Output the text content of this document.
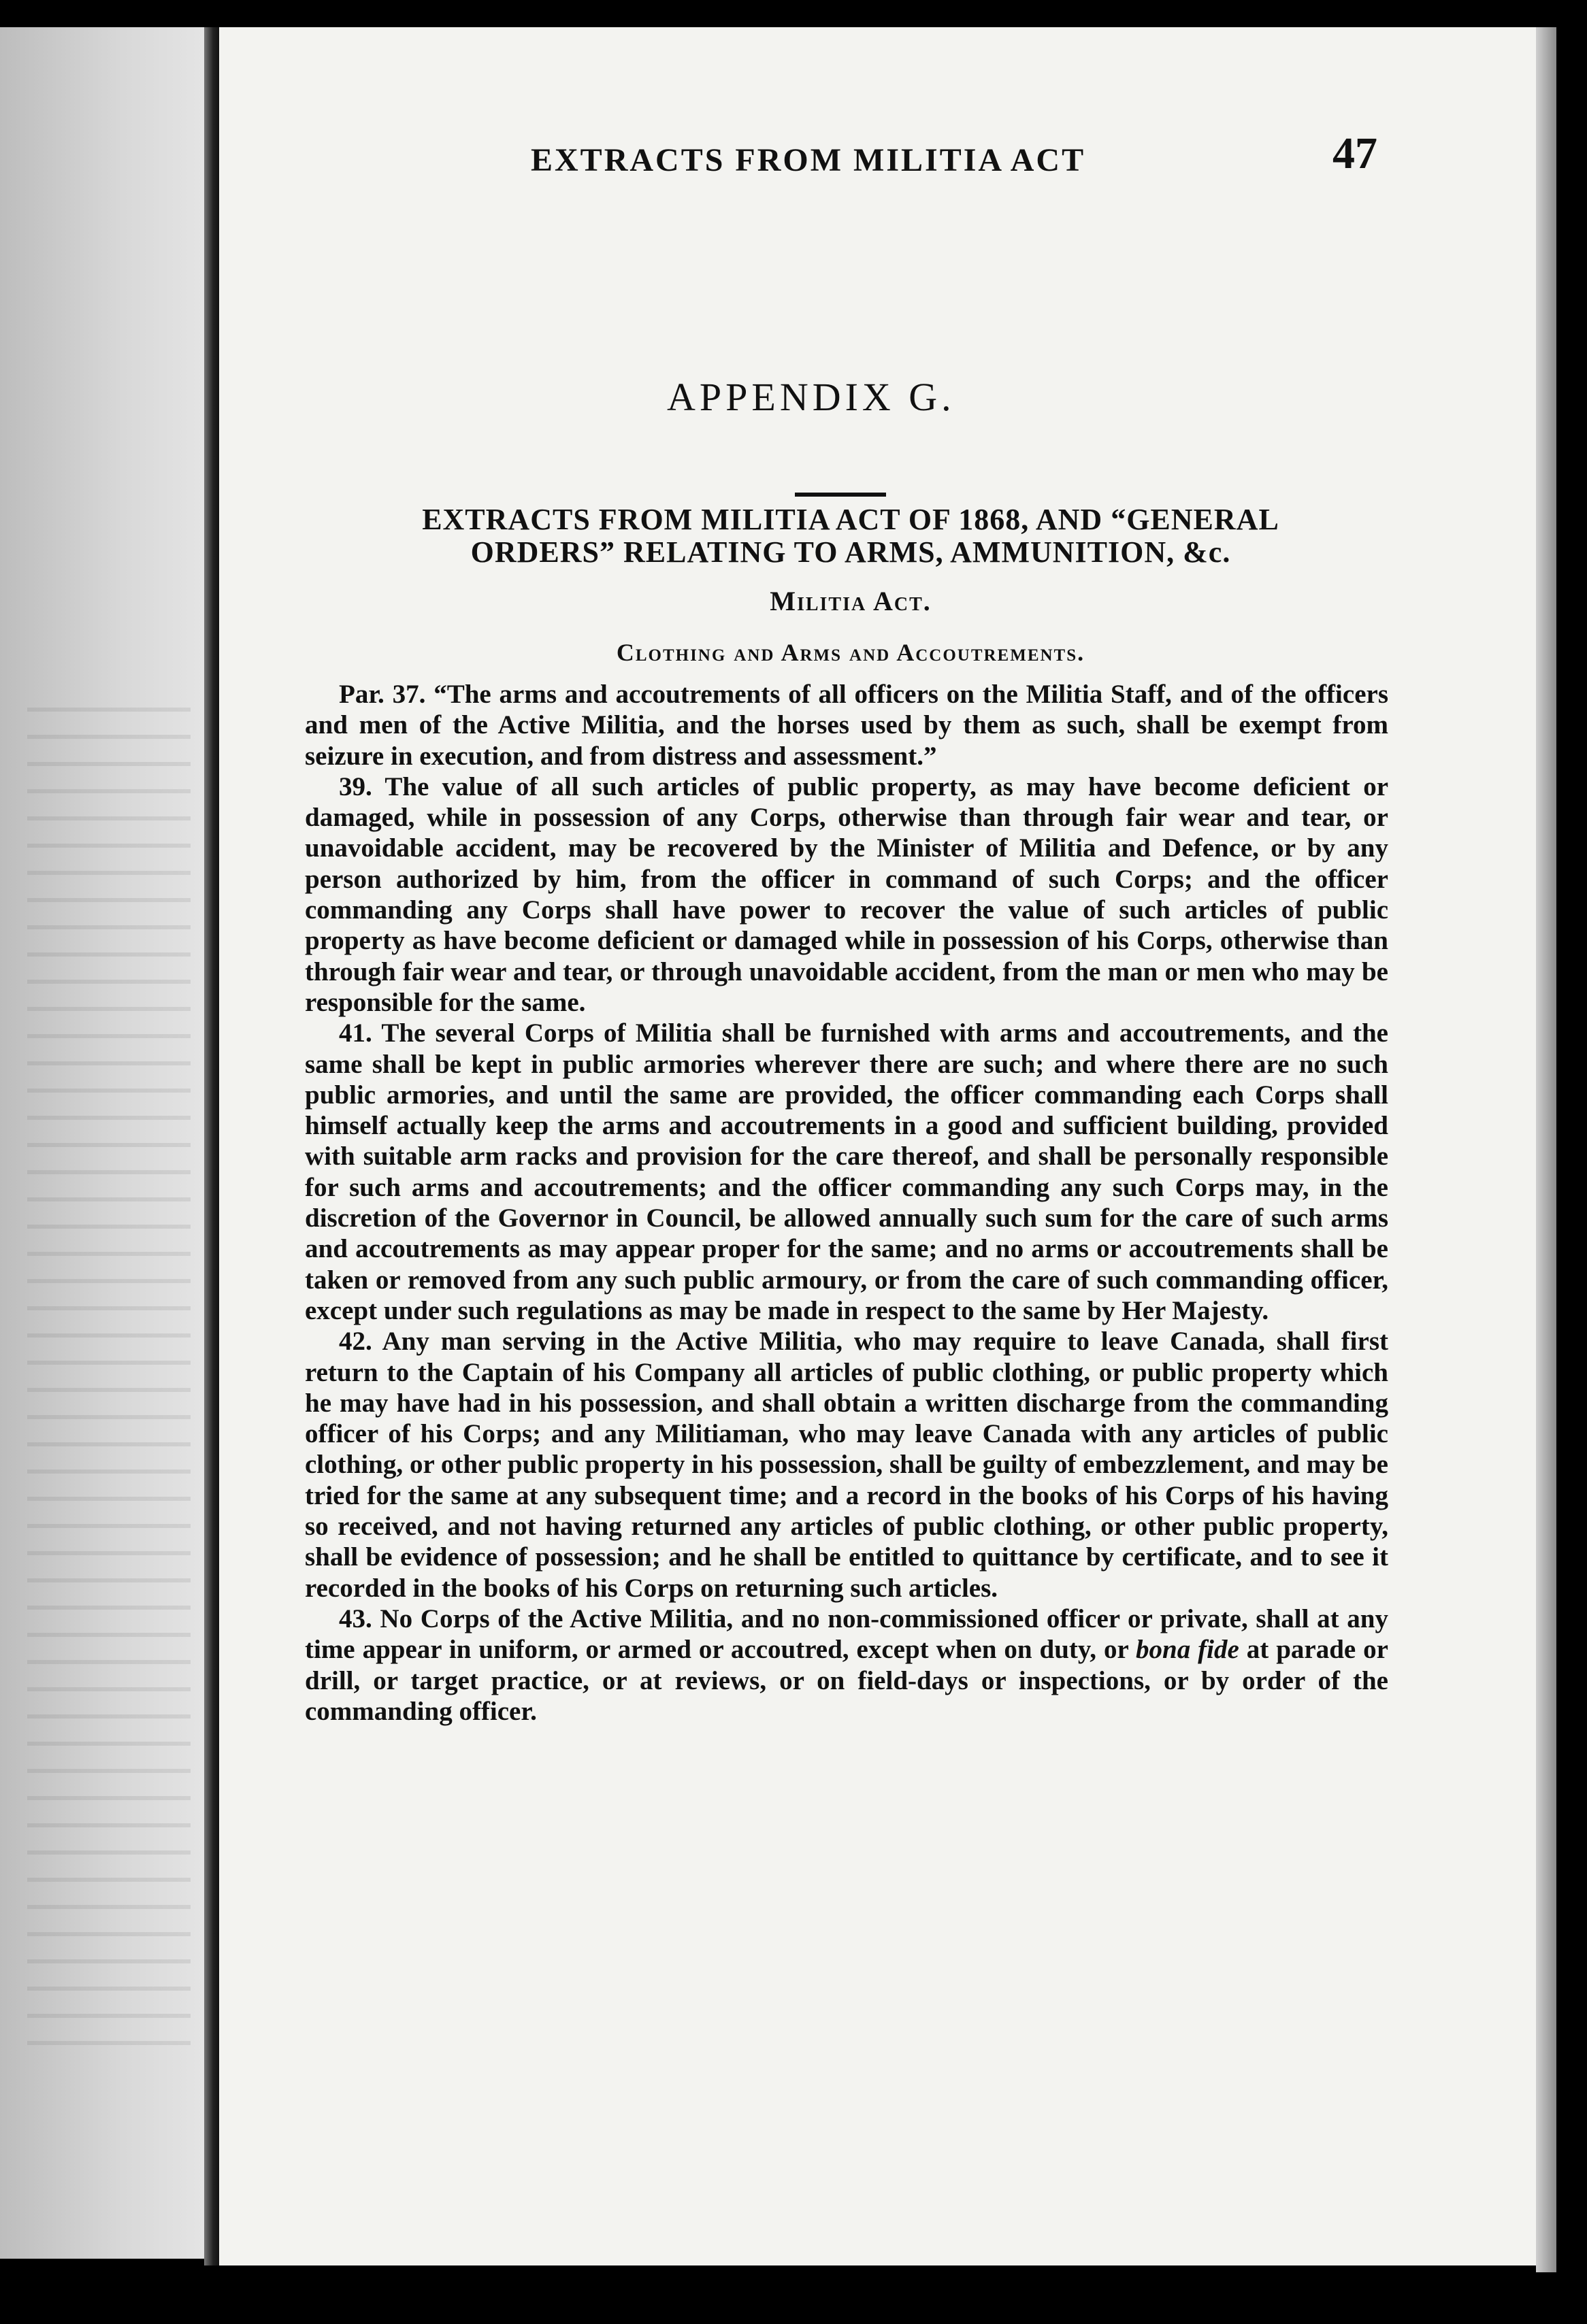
EXTRACTS FROM MILITIA ACT	47
APPENDIX G.
EXTRACTS FROM MILITIA ACT OF 1868, AND “GENERAL
ORDERS” RELATING TO ARMS, AMMUNITION, &c.
Militia Act.
Clothing and Arms and Accoutrements.

Par. 37. “The arms and accoutrements of all officers on the Militia Staff, and of the officers and men of the Active Militia, and the horses used by them as such, shall be exempt from seizure in execution, and from distress and assessment.”

39. The value of all such articles of public property, as may have become deficient or damaged, while in possession of any Corps, otherwise than through fair wear and tear, or unavoidable accident, may be recovered by the Minister of Militia and Defence, or by any person authorized by him, from the officer in command of such Corps; and the officer commanding any Corps shall have power to recover the value of such articles of public property as have become deficient or damaged while in possession of his Corps, otherwise than through fair wear and tear, or through unavoidable accident, from the man or men who may be responsible for the same.

41. The several Corps of Militia shall be furnished with arms and accoutrements, and the same shall be kept in public armories wherever there are such; and where there are no such public armories, and until the same are provided, the officer commanding each Corps shall himself actually keep the arms and accoutrements in a good and sufficient building, provided with suitable arm racks and provision for the care thereof, and shall be personally responsible for such arms and accoutrements; and the officer commanding any such Corps may, in the discretion of the Governor in Council, be allowed annually such sum for the care of such arms and accoutrements as may appear proper for the same; and no arms or accoutrements shall be taken or removed from any such public armoury, or from the care of such commanding officer, except under such regulations as may be made in respect to the same by Her Majesty.

42. Any man serving in the Active Militia, who may require to leave Canada, shall first return to the Captain of his Company all articles of public clothing, or public property which he may have had in his possession, and shall obtain a written discharge from the commanding officer of his Corps; and any Militiaman, who may leave Canada with any articles of public clothing, or other public property in his possession, shall be guilty of embezzlement, and may be tried for the same at any subsequent time; and a record in the books of his Corps of his having so received, and not having returned any articles of public clothing, or other public property, shall be evidence of possession; and he shall be entitled to quittance by certificate, and to see it recorded in the books of his Corps on returning such articles.

43. No Corps of the Active Militia, and no non-commissioned officer or private, shall at any time appear in uniform, or armed or accoutred, except when on duty, or bona fide at parade or drill, or target practice, or at reviews, or on field-days or inspections, or by order of the commanding officer.
